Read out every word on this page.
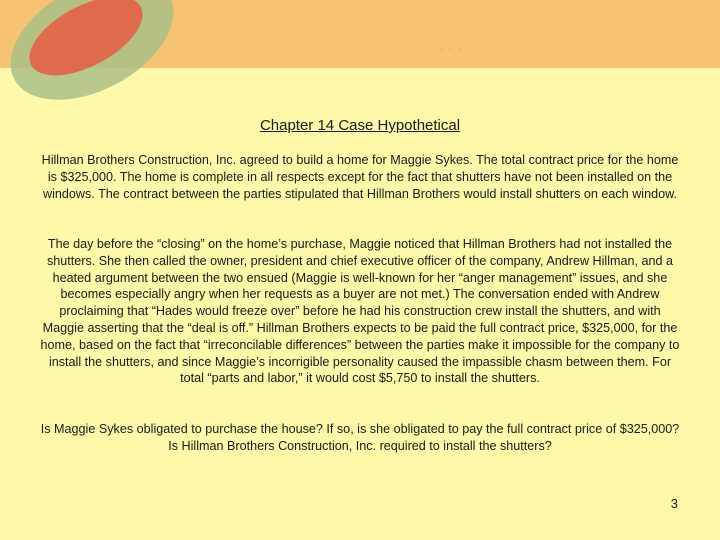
. . .
Chapter 14 Case Hypothetical
Hillman Brothers Construction, Inc. agreed to build a home for Maggie Sykes. The total contract price for the home is $325,000. The home is complete in all respects except for the fact that shutters have not been installed on the windows. The contract between the parties stipulated that Hillman Brothers would install shutters on each window.
The day before the “closing” on the home’s purchase, Maggie noticed that Hillman Brothers had not installed the shutters. She then called the owner, president and chief executive officer of the company, Andrew Hillman, and a heated argument between the two ensued (Maggie is well-known for her “anger management” issues, and she becomes especially angry when her requests as a buyer are not met.) The conversation ended with Andrew proclaiming that “Hades would freeze over” before he had his construction crew install the shutters, and with Maggie asserting that the “deal is off.” Hillman Brothers expects to be paid the full contract price, $325,000, for the home, based on the fact that “irreconcilable differences” between the parties make it impossible for the company to install the shutters, and since Maggie’s incorrigible personality caused the impassible chasm between them. For total “parts and labor,” it would cost $5,750 to install the shutters.
Is Maggie Sykes obligated to purchase the house? If so, is she obligated to pay the full contract price of $325,000? Is Hillman Brothers Construction, Inc. required to install the shutters?
3
